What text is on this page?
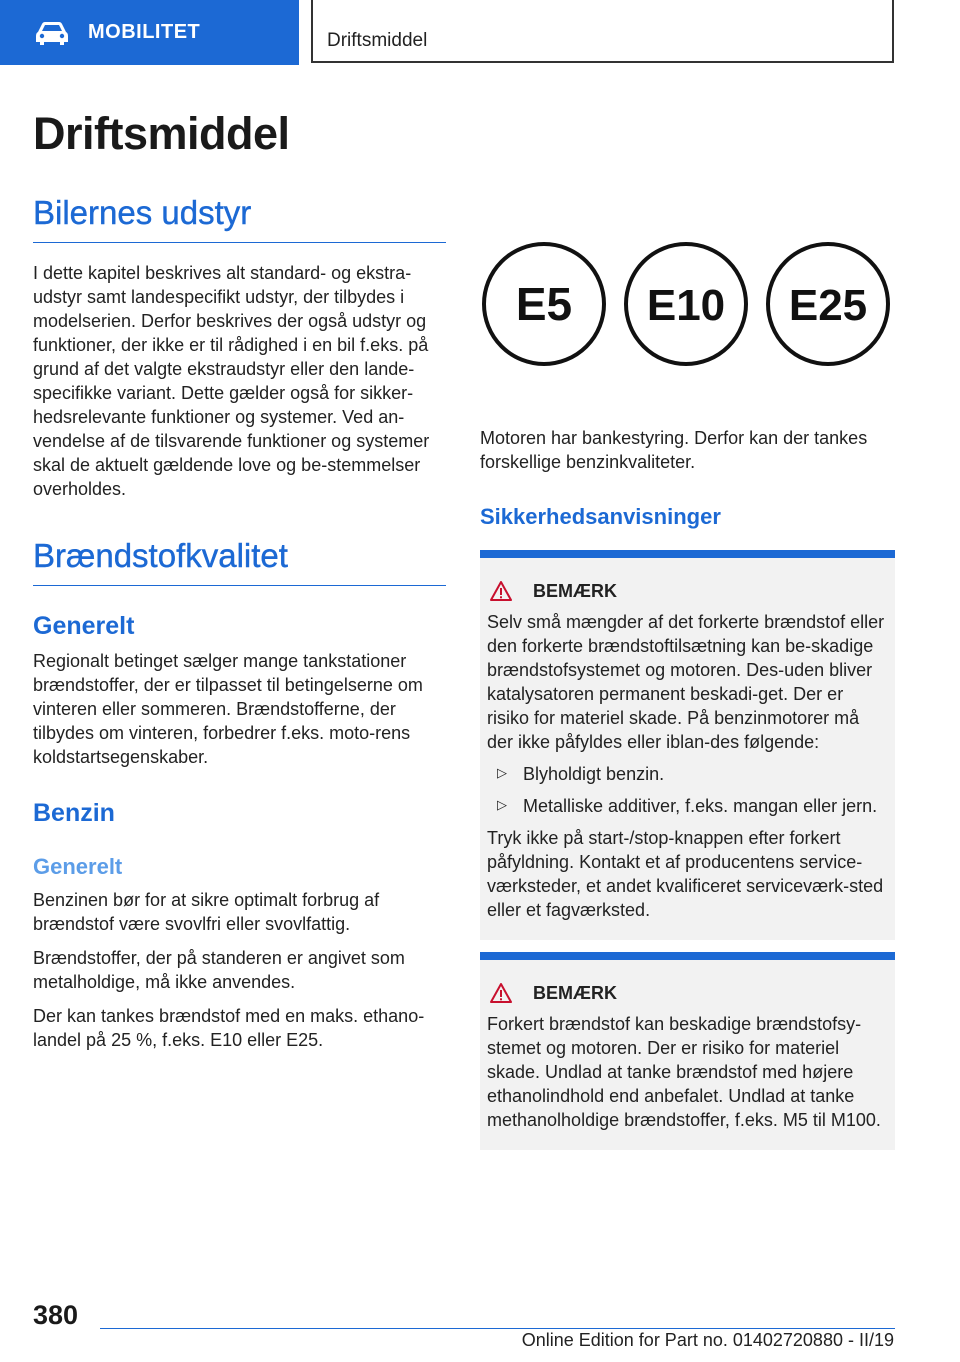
MOBILITET	Driftsmiddel
Driftsmiddel
Bilernes udstyr

I dette kapitel beskrives alt standard- og ekstra-udstyr samt landespecifikt udstyr, der tilbydes i modelserien. Derfor beskrives der også udstyr og funktioner, der ikke er til rådighed i en bil f.eks. på grund af det valgte ekstraudstyr eller den lande-specifikke variant. Dette gælder også for sikker-hedsrelevante funktioner og systemer. Ved an-vendelse af de tilsvarende funktioner og systemer skal de aktuelt gældende love og be-stemmelser overholdes.

Brændstofkvalitet
Generelt

Regionalt betinget sælger mange tankstationer brændstoffer, der er tilpasset til betingelserne om vinteren eller sommeren. Brændstofferne, der tilbydes om vinteren, forbedrer f.eks. moto-rens koldstartsegenskaber.

Benzin
Generelt

Benzinen bør for at sikre optimalt forbrug af brændstof være svovlfri eller svovlfattig.

Brændstoffer, der på standeren er angivet som metalholdige, må ikke anvendes.

Der kan tankes brændstof med en maks. ethano-landel på 25 %, f.eks. E10 eller E25.

E5 E10 E25

Motoren har bankestyring. Derfor kan der tankes forskellige benzinkvaliteter.

Sikkerhedsanvisninger
BEMÆRK

Selv små mængder af det forkerte brændstof eller den forkerte brændstoftilsætning kan be-skadige brændstofsystemet og motoren. Des-uden bliver katalysatoren permanent beskadi-get. Der er risiko for materiel skade. På benzinmotorer må der ikke påfyldes eller iblan-des følgende:

▷ Blyholdigt benzin.
▷ Metalliske additiver, f.eks. mangan eller jern.

Tryk ikke på start-/stop-knappen efter forkert påfyldning. Kontakt et af producentens service-værksteder, et andet kvalificeret serviceværk-sted eller et fagværksted.

BEMÆRK

Forkert brændstof kan beskadige brændstofsy-stemet og motoren. Der er risiko for materiel skade. Undlad at tanke brændstof med højere ethanolindhold end anbefalet. Undlad at tanke methanolholdige brændstoffer, f.eks. M5 til M100.

380
Online Edition for Part no. 01402720880 - II/19
